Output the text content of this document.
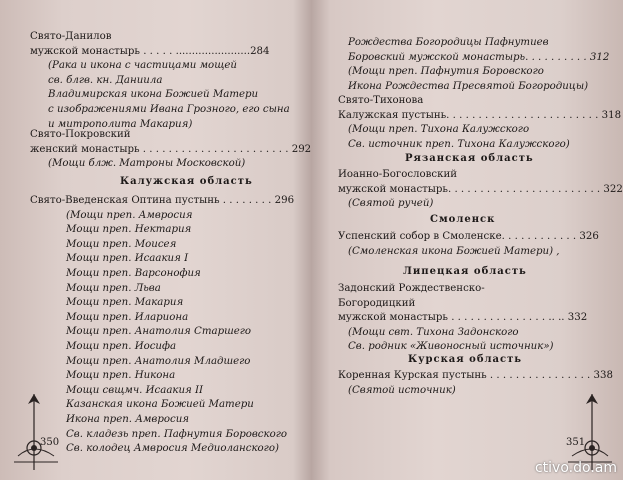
Свято-Данилов
мужской монастырь . . . . . .......................284
(Рака и икона с частицами мощей
св. блгв. кн. Даниила
Владимирская икона Божией Матери
с изображениями Ивана Грозного, его сына
и митрополита Макария)
Свято-Покровский
женский монастырь . . . . . . . . . . . . . . . . . . . . . . . 292
(Мощи блж. Матроны Московской)
Свято-Введенская Оптина пустынь . . . . . . . . 296
(Мощи преп. Амвросия
Мощи преп. Нектария
Мощи преп. Моисея
Мощи преп. Исаакия I
Мощи преп. Варсонофия
Мощи преп. Льва
Мощи преп. Макария
Мощи преп. Илариона
Мощи преп. Анатолия Старшего
Мощи преп. Иосифа
Мощи преп. Анатолия Младшего
Мощи преп. Никона
Мощи свщмч. Исаакия II
Казанская икона Божией Матери
Икона преп. Амвросия
Св. кладезь преп. Пафнутия Боровского
Св. колодец Амвросия Медиоланского)
Калужская область
Рождества Богородицы Пафнутиев
Боровский мужской монастырь. . . . . . . . . . 312
(Мощи преп. Пафнутия Боровского
Икона Рождества Пресвятой Богородицы)
Свято-Тихонова
Калужская пустынь. . . . . . . . . . . . . . . . . . . . . . . . 318
(Мощи преп. Тихона Калужского
Св. источник преп. Тихона Калужского)
Иоанно-Богословский
мужской монастырь. . . . . . . . . . . . . . . . . . . . . . . . 322
(Святой ручей)
Успенский собор в Смоленске. . . . . . . . . . . . 326
(Смоленская икона Божией Матери) ,
Задонский Рождественско-
Богородицкий
мужской монастырь . . . . . . . . . . . . . . . .. .. 332
(Мощи свт. Тихона Задонского
Св. родник «Живоносный источник»)
Коренная Курская пустынь . . . . . . . . . . . . . . . . 338
(Святой источник)
Рязанская область
Смоленск
Липецкая область
Курская область
350	351
ctivo.do.am
